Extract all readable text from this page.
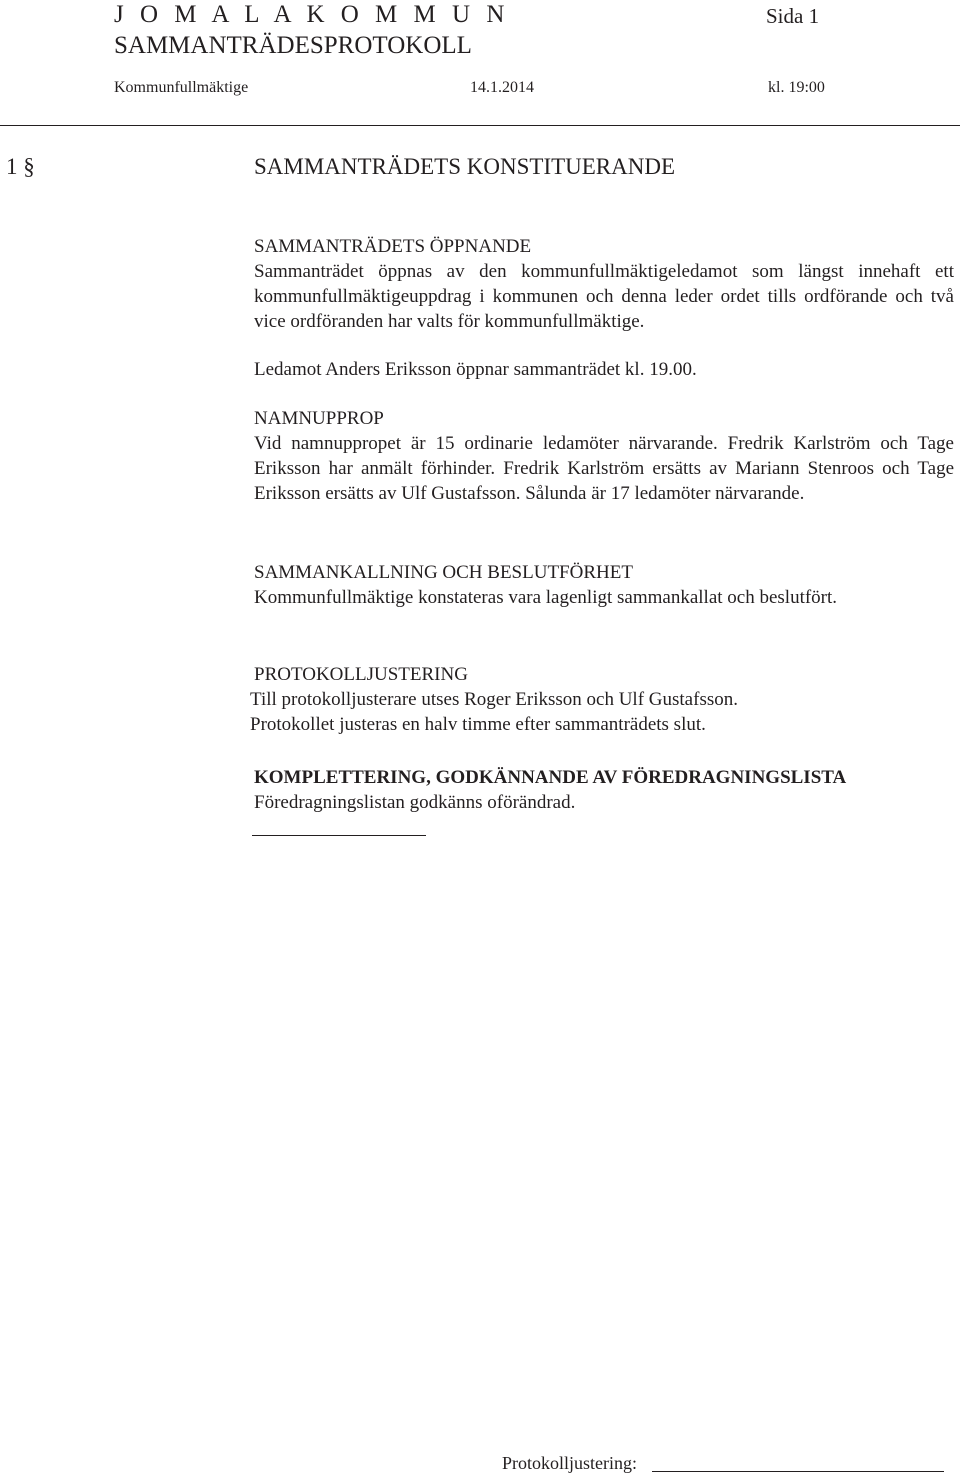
J O M A L A K O M M U N	Sida 1
SAMMANTRÄDESPROTOKOLL
Kommunfullmäktige	14.1.2014	kl. 19:00
1 §	SAMMANTRÄDETS KONSTITUERANDE

SAMMANTRÄDETS ÖPPNANDE

Sammanträdet öppnas av den kommunfullmäktigeledamot som längst innehaft ett kommunfullmäktigeuppdrag i kommunen och denna leder ordet tills ordförande och två vice ordföranden har valts för kommunfullmäktige.

Ledamot Anders Eriksson öppnar sammanträdet kl. 19.00.

NAMNUPPROP

Vid namnuppropet är 15 ordinarie ledamöter närvarande. Fredrik Karlström och Tage Eriksson har anmält förhinder. Fredrik Karlström ersätts av Mariann Stenroos och Tage Eriksson ersätts av Ulf Gustafsson. Sålunda är 17 ledamöter närvarande.

SAMMANKALLNING OCH BESLUTFÖRHET

Kommunfullmäktige konstateras vara lagenligt sammankallat och beslutfört.

PROTOKOLLJUSTERING

Till protokolljusterare utses Roger Eriksson och Ulf Gustafsson.

Protokollet justeras en halv timme efter sammanträdets slut.

KOMPLETTERING, GODKÄNNANDE AV FÖREDRAGNINGSLISTA

Föredragningslistan godkänns oförändrad.

Protokolljustering:
